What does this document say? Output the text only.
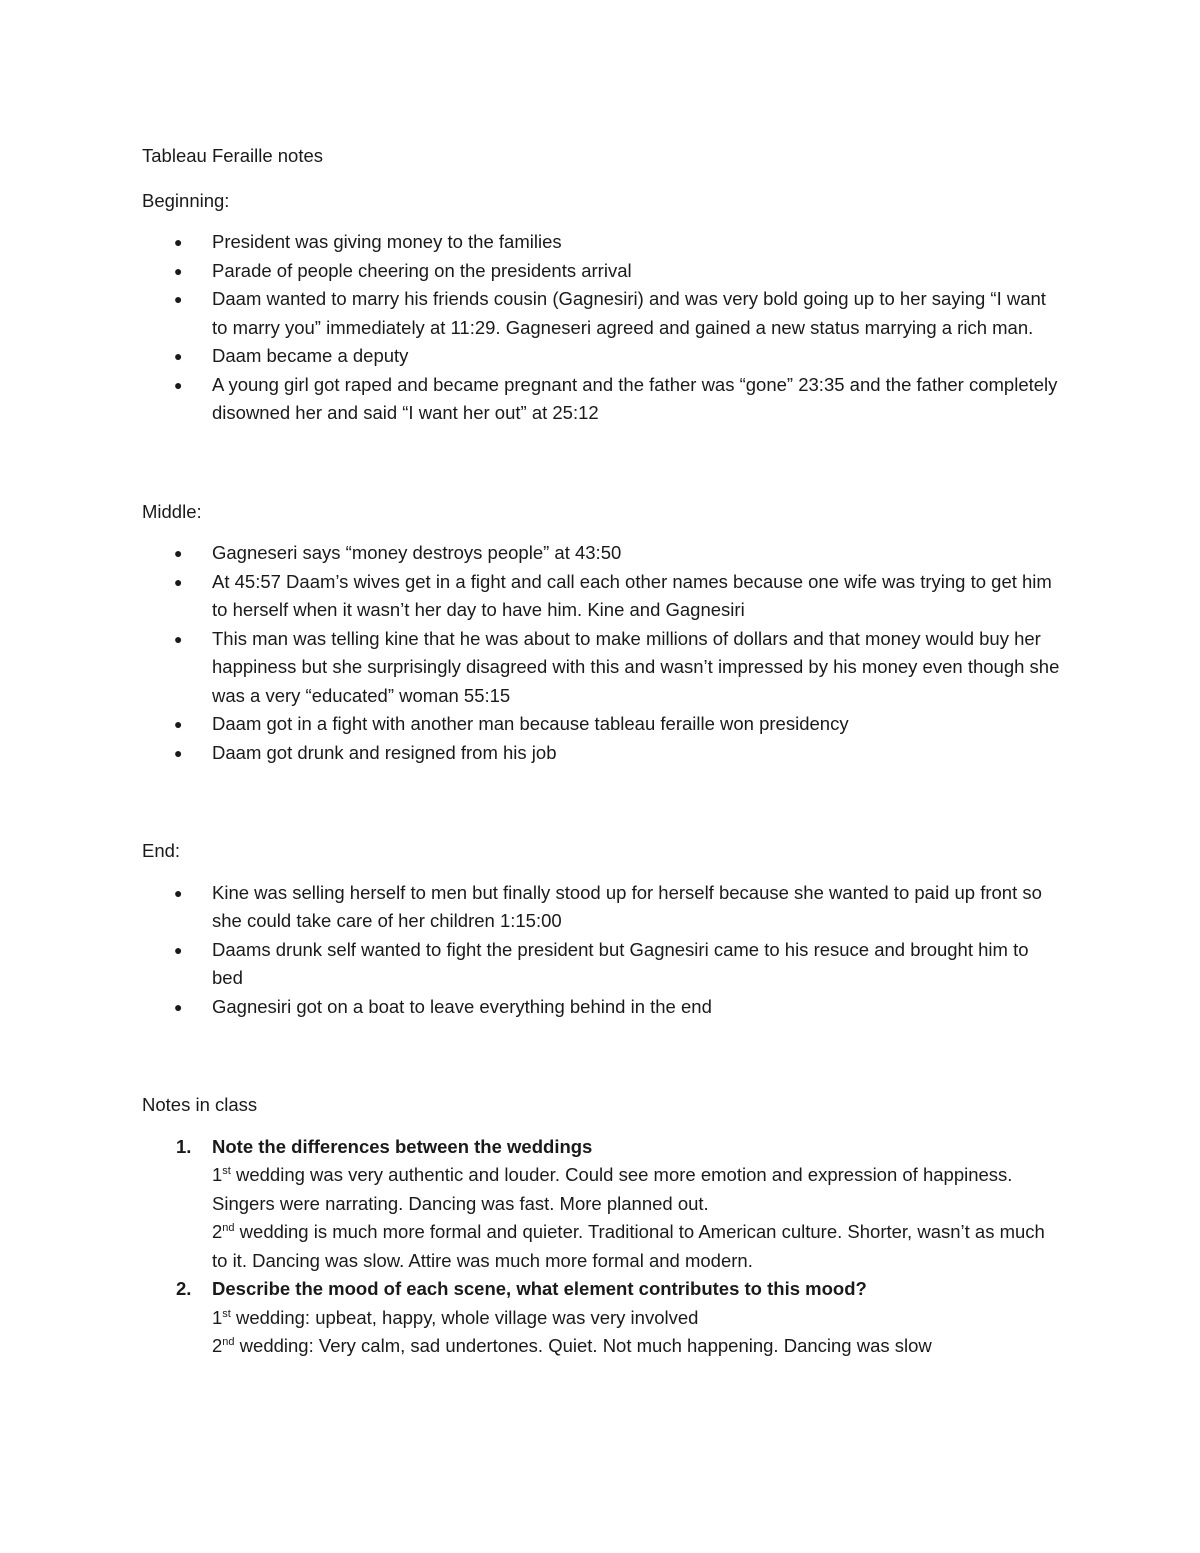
Tableau Feraille notes
Beginning:
● President was giving money to the families
● Parade of people cheering on the presidents arrival
● Daam wanted to marry his friends cousin (Gagnesiri) and was very bold going up to her saying “I want to marry you” immediately at 11:29. Gagneseri agreed and gained a new status marrying a rich man.
● Daam became a deputy
● A young girl got raped and became pregnant and the father was “gone” 23:35 and the father completely disowned her and said “I want her out” at 25:12
Middle:
● Gagneseri says “money destroys people” at 43:50
● At 45:57 Daam’s wives get in a fight and call each other names because one wife was trying to get him to herself when it wasn’t her day to have him. Kine and Gagnesiri
● This man was telling kine that he was about to make millions of dollars and that money would buy her happiness but she surprisingly disagreed with this and wasn’t impressed by his money even though she was a very “educated” woman 55:15
● Daam got in a fight with another man because tableau feraille won presidency
● Daam got drunk and resigned from his job
End:
● Kine was selling herself to men but finally stood up for herself because she wanted to paid up front so she could take care of her children 1:15:00
● Daams drunk self wanted to fight the president but Gagnesiri came to his resuce and brought him to bed
● Gagnesiri got on a boat to leave everything behind in the end
Notes in class
1. Note the differences between the weddings
1st wedding was very authentic and louder. Could see more emotion and expression of happiness. Singers were narrating. Dancing was fast. More planned out.
2nd wedding is much more formal and quieter. Traditional to American culture. Shorter, wasn’t as much to it. Dancing was slow. Attire was much more formal and modern.
2. Describe the mood of each scene, what element contributes to this mood?
1st wedding: upbeat, happy, whole village was very involved
2nd wedding: Very calm, sad undertones. Quiet. Not much happening. Dancing was slow
